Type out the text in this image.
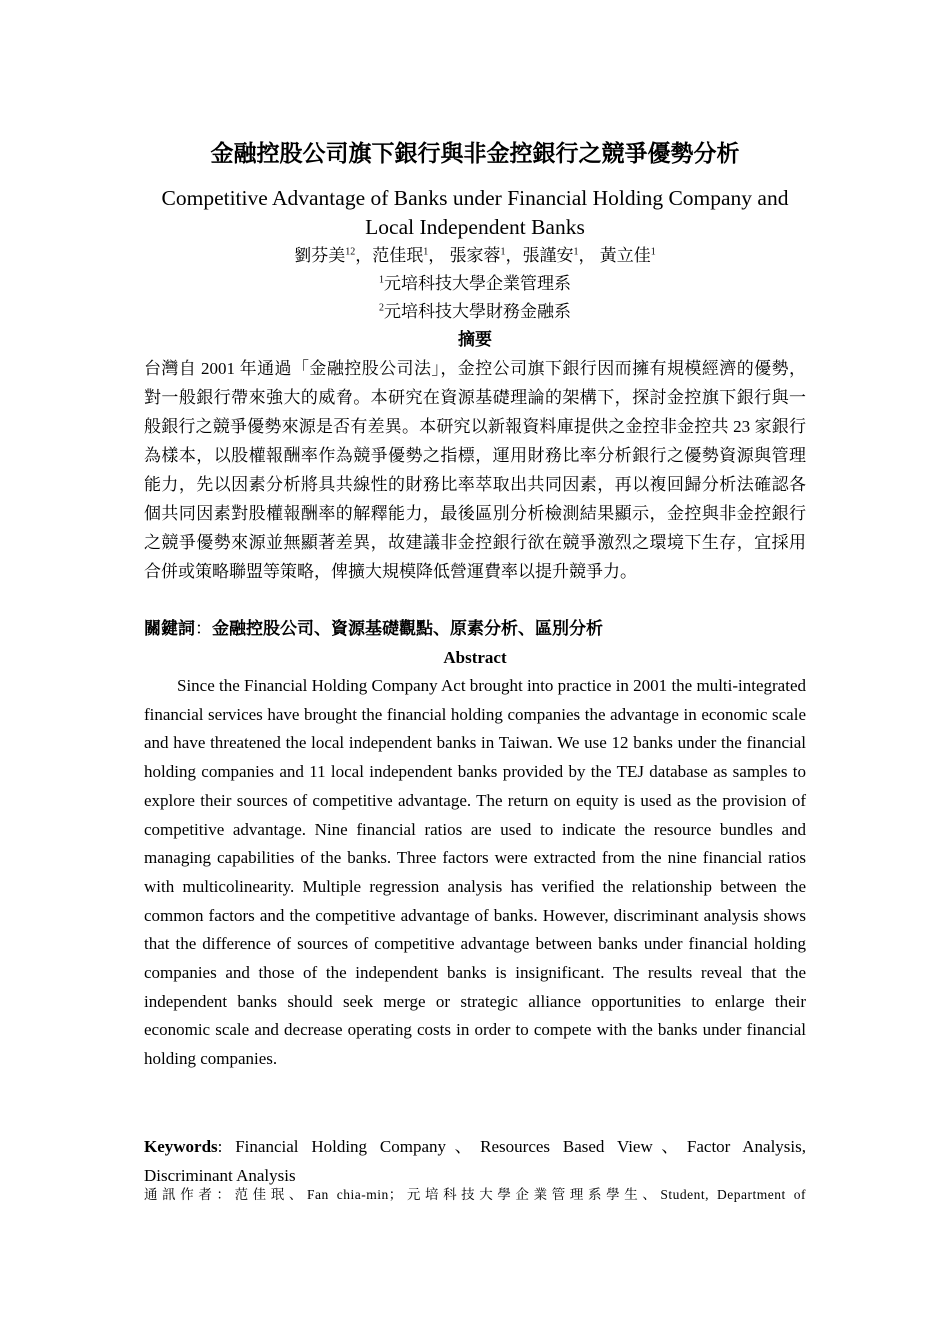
金融控股公司旗下銀行與非金控銀行之競爭優勢分析
Competitive Advantage of Banks under Financial Holding Company and Local Independent Banks
劉芬美$^{12}$，范佳珉$^1$， 張家蓉$^1$，張謹安$^1$， 黃立佳$^1$
$^1$元培科技大學企業管理系
$^2$元培科技大學財務金融系
摘要
台灣自 2001 年通過「金融控股公司法」，金控公司旗下銀行因而擁有規模經濟的優勢，對一般銀行帶來強大的威脅。本研究在資源基礎理論的架構下，探討金控旗下銀行與一般銀行之競爭優勢來源是否有差異。本研究以新報資料庫提供之金控非金控共 23 家銀行為樣本，以股權報酬率作為競爭優勢之指標，運用財務比率分析銀行之優勢資源與管理能力，先以因素分析將具共線性的財務比率萃取出共同因素，再以複回歸分析法確認各個共同因素對股權報酬率的解釋能力，最後區別分析檢測結果顯示，金控與非金控銀行之競爭優勢來源並無顯著差異，故建議非金控銀行欲在競爭激烈之環境下生存，宜採用合併或策略聯盟等策略，俾擴大規模降低營運費率以提升競爭力。
關鍵詞：金融控股公司、資源基礎觀點、原素分析、區別分析
Abstract
Since the Financial Holding Company Act brought into practice in 2001 the multi-integrated financial services have brought the financial holding companies the advantage in economic scale and have threatened the local independent banks in Taiwan. We use 12 banks under the financial holding companies and 11 local independent banks provided by the TEJ database as samples to explore their sources of competitive advantage. The return on equity is used as the provision of competitive advantage. Nine financial ratios are used to indicate the resource bundles and managing capabilities of the banks. Three factors were extracted from the nine financial ratios with multicolinearity. Multiple regression analysis has verified the relationship between the common factors and the competitive advantage of banks. However, discriminant analysis shows that the difference of sources of competitive advantage between banks under financial holding companies and those of the independent banks is insignificant. The results reveal that the independent banks should seek merge or strategic alliance opportunities to enlarge their economic scale and decrease operating costs in order to compete with the banks under financial holding companies.
Keywords: Financial Holding Company、Resources Based View、Factor Analysis, Discriminant Analysis
通訊作者：范佳珉、Fan chia-min；元培科技大學企業管理系學生、Student, Department of
